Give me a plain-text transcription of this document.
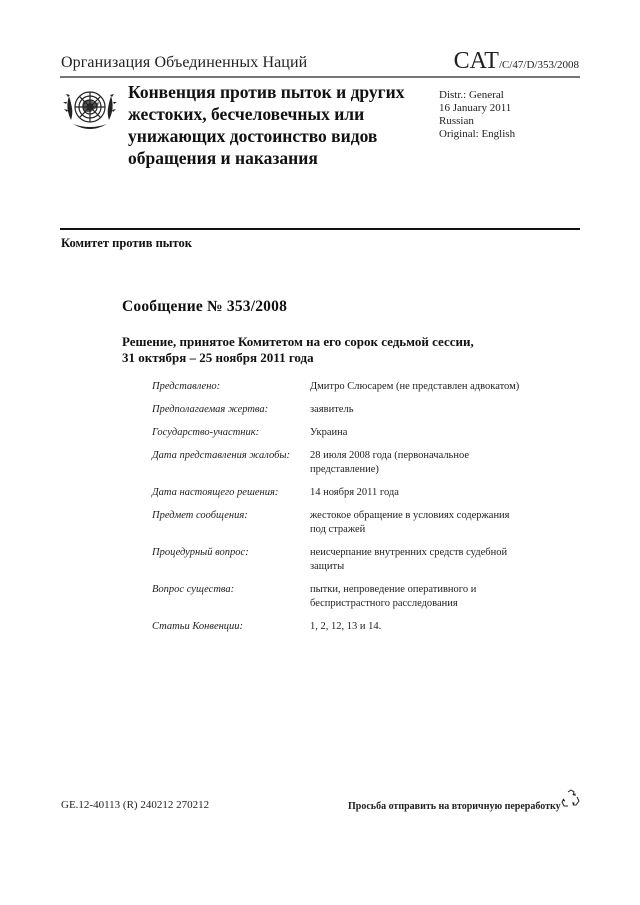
Организация Объединенных Наций	CAT/C/47/D/353/2008
Конвенция против пыток и других жестоких, бесчеловечных или унижающих достоинство видов обращения и наказания
Distr.: General
16 January 2011
Russian
Original: English
Комитет против пыток
Сообщение № 353/2008
Решение, принятое Комитетом на его сорок седьмой сессии,
31 октября – 25 ноября 2011 года
Представлено:	Дмитро Слюсарем (не представлен адвокатом)
Предполагаемая жертва:	заявитель
Государство-участник:	Украина
Дата представления жалобы:	28 июля 2008 года (первоначальное представление)
Дата настоящего решения:	14 ноября 2011 года
Предмет сообщения:	жестокое обращение в условиях содержания под стражей
Процедурный вопрос:	неисчерпание внутренних средств судебной защиты
Вопрос существа:	пытки, непроведение оперативного и беспристрастного расследования
Статьи Конвенции:	1, 2, 12, 13 и 14.
GE.12-40113 (R) 240212 270212	Просьба отправить на вторичную переработку
